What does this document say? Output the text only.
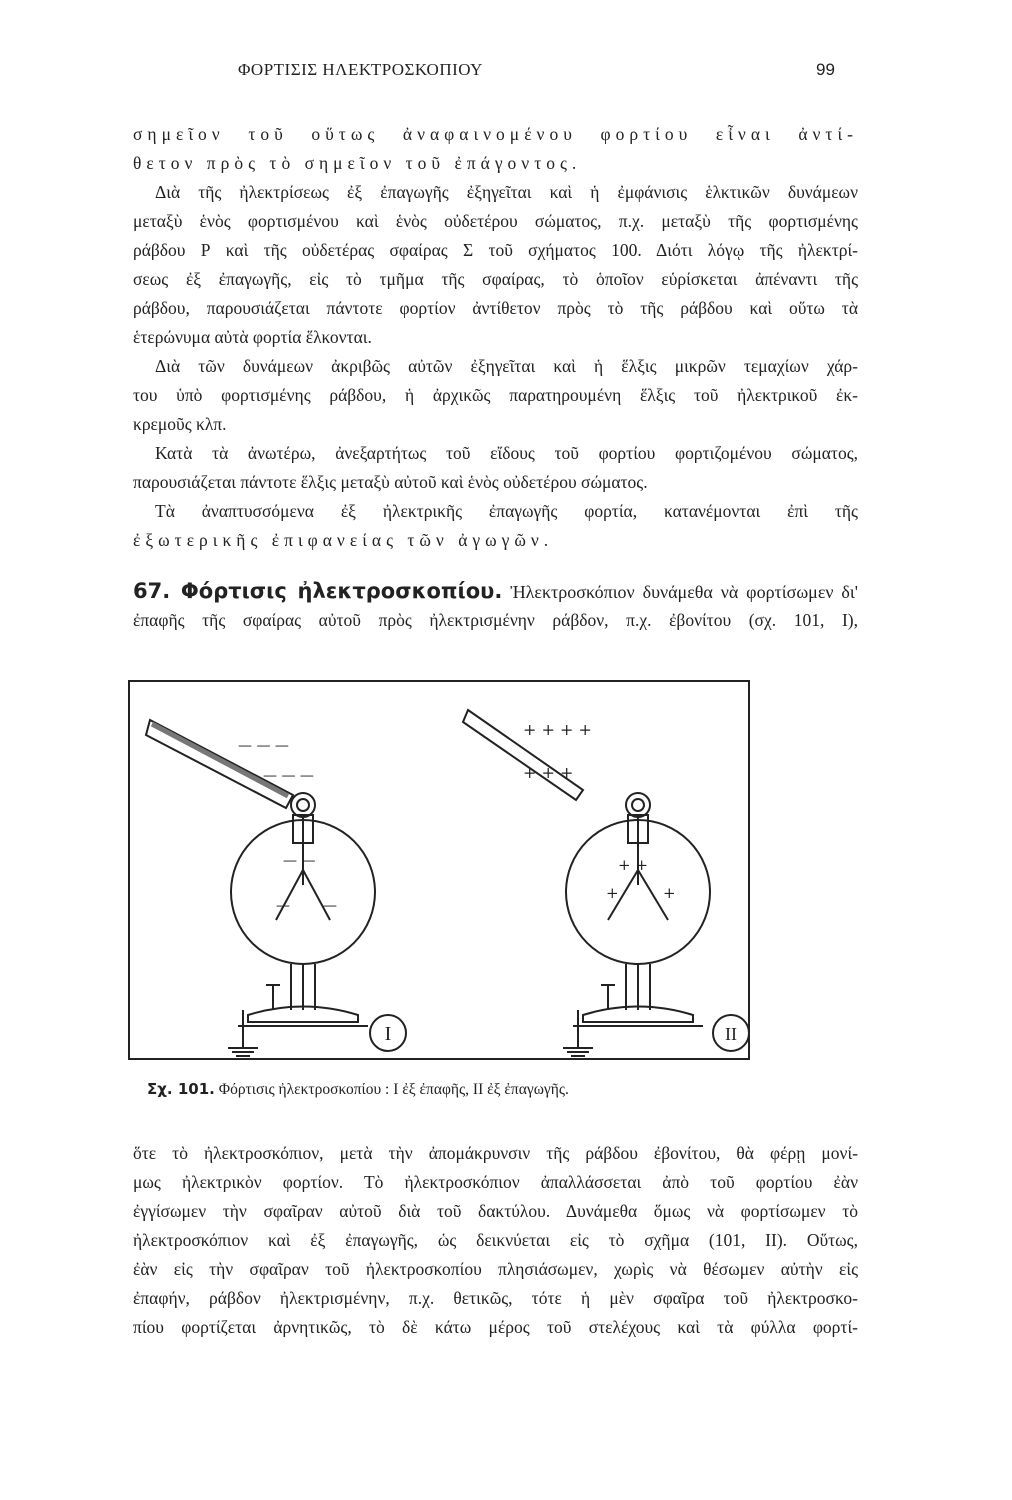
ΦΟΡΤΙΣΙΣ ΗΛΕΚΤΡΟΣΚΟΠΙΟΥ	99
σημεῖον τοῦ οὕτως ἀναφαινομένου φορτίου εἶναι ἀντί-
θετον πρὸς τὸ σημεῖον τοῦ ἐπάγοντος.
Διὰ τῆς ἠλεκτρίσεως ἐξ ἐπαγωγῆς ἐξηγεῖται καὶ ἡ ἐμφάνισις ἑλκτικῶν δυνάμεων
μεταξὺ ἑνὸς φορτισμένου καὶ ἑνὸς οὐδετέρου σώματος, π.χ. μεταξὺ τῆς φορτισμένης
ράβδου Ρ καὶ τῆς οὐδετέρας σφαίρας Σ τοῦ σχήματος 100. Διότι λόγῳ τῆς ἠλεκτρί-
σεως ἐξ ἐπαγωγῆς, εἰς τὸ τμῆμα τῆς σφαίρας, τὸ ὁποῖον εὑρίσκεται ἀπέναντι τῆς
ράβδου, παρουσιάζεται πάντοτε φορτίον ἀντίθετον πρὸς τὸ τῆς ράβδου καὶ οὕτω τὰ
ἑτερώνυμα αὐτὰ φορτία ἕλκονται.
Διὰ τῶν δυνάμεων ἀκριβῶς αὐτῶν ἐξηγεῖται καὶ ἡ ἕλξις μικρῶν τεμαχίων χάρ-
του ὑπὸ φορτισμένης ράβδου, ἡ ἀρχικῶς παρατηρουμένη ἕλξις τοῦ ἠλεκτρικοῦ ἐκ-
κρεμοῦς κλπ.
Κατὰ τὰ ἀνωτέρω, ἀνεξαρτήτως τοῦ εἴδους τοῦ φορτίου φορτιζομένου σώματος,
παρουσιάζεται πάντοτε ἕλξις μεταξὺ αὐτοῦ καὶ ἑνὸς οὐδετέρου σώματος.
Τὰ ἀναπτυσσόμενα ἐξ ἠλεκτρικῆς ἐπαγωγῆς φορτία, κατανέμονται ἐπὶ τῆς
ἐξωτερικῆς ἐπιφανείας τῶν ἀγωγῶν.
67. Φόρτισις ἠλεκτροσκοπίου. Ἠλεκτροσκόπιον δυνάμεθα νὰ φορτίσωμεν δι'
ἐπαφῆς τῆς σφαίρας αὐτοῦ πρὸς ἠλεκτρισμένην ράβδον, π.χ. ἐβονίτου (σχ. 101, Ι),
— — —
— — —
— —
— —
I
+ + + +
+ + +
+ +
+	+
II
Σχ. 101. Φόρτισις ἠλεκτροσκοπίου : Ι ἐξ ἐπαφῆς, ΙΙ ἐξ ἐπαγωγῆς.
ὅτε τὸ ἠλεκτροσκόπιον, μετὰ τὴν ἀπομάκρυνσιν τῆς ράβδου ἐβονίτου, θὰ φέρῃ μονί-
μως ἠλεκτρικὸν φορτίον. Τὸ ἠλεκτροσκόπιον ἀπαλλάσσεται ἀπὸ τοῦ φορτίου ἐὰν
ἐγγίσωμεν τὴν σφαῖραν αὐτοῦ διὰ τοῦ δακτύλου. Δυνάμεθα ὅμως νὰ φορτίσωμεν τὸ
ἠλεκτροσκόπιον καὶ ἐξ ἐπαγωγῆς, ὡς δεικνύεται εἰς τὸ σχῆμα (101, ΙΙ). Οὕτως,
ἐὰν εἰς τὴν σφαῖραν τοῦ ἠλεκτροσκοπίου πλησιάσωμεν, χωρὶς νὰ θέσωμεν αὐτὴν εἰς
ἐπαφήν, ράβδον ἠλεκτρισμένην, π.χ. θετικῶς, τότε ἡ μὲν σφαῖρα τοῦ ἠλεκτροσκο-
πίου φορτίζεται ἀρνητικῶς, τὸ δὲ κάτω μέρος τοῦ στελέχους καὶ τὰ φύλλα φορτί-
